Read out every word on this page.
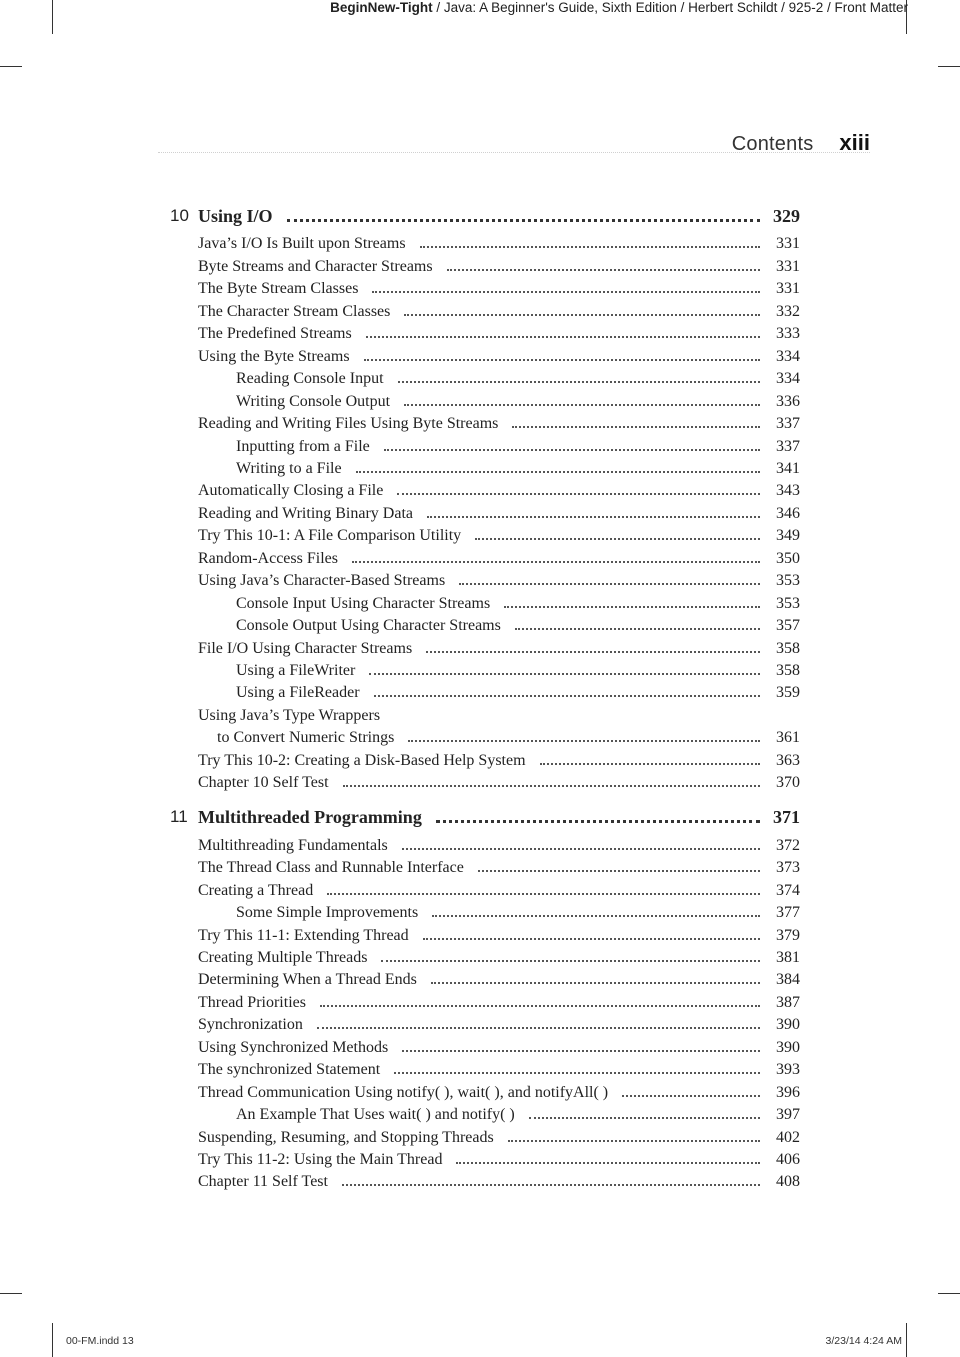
BeginNew-Tight / Java: A Beginner's Guide, Sixth Edition / Herbert Schildt / 925-2 / Front Matter
Contents xiii
10 Using I/O	329
Java’s I/O Is Built upon Streams	331
Byte Streams and Character Streams	331
The Byte Stream Classes	331
The Character Stream Classes	332
The Predefined Streams	333
Using the Byte Streams	334
Reading Console Input	334
Writing Console Output	336
Reading and Writing Files Using Byte Streams	337
Inputting from a File	337
Writing to a File	341
Automatically Closing a File	343
Reading and Writing Binary Data	346
Try This 10-1: A File Comparison Utility	349
Random-Access Files	350
Using Java’s Character-Based Streams	353
Console Input Using Character Streams	353
Console Output Using Character Streams	357
File I/O Using Character Streams	358
Using a FileWriter	358
Using a FileReader	359
Using Java’s Type Wrappers
to Convert Numeric Strings	361
Try This 10-2: Creating a Disk-Based Help System	363
Chapter 10 Self Test	370
11 Multithreaded Programming	371
Multithreading Fundamentals	372
The Thread Class and Runnable Interface	373
Creating a Thread	374
Some Simple Improvements	377
Try This 11-1: Extending Thread	379
Creating Multiple Threads	381
Determining When a Thread Ends	384
Thread Priorities	387
Synchronization	390
Using Synchronized Methods	390
The synchronized Statement	393
Thread Communication Using notify( ), wait( ), and notifyAll( )	396
An Example That Uses wait( ) and notify( )	397
Suspending, Resuming, and Stopping Threads	402
Try This 11-2: Using the Main Thread	406
Chapter 11 Self Test	408
00-FM.indd 13	3/23/14 4:24 AM
